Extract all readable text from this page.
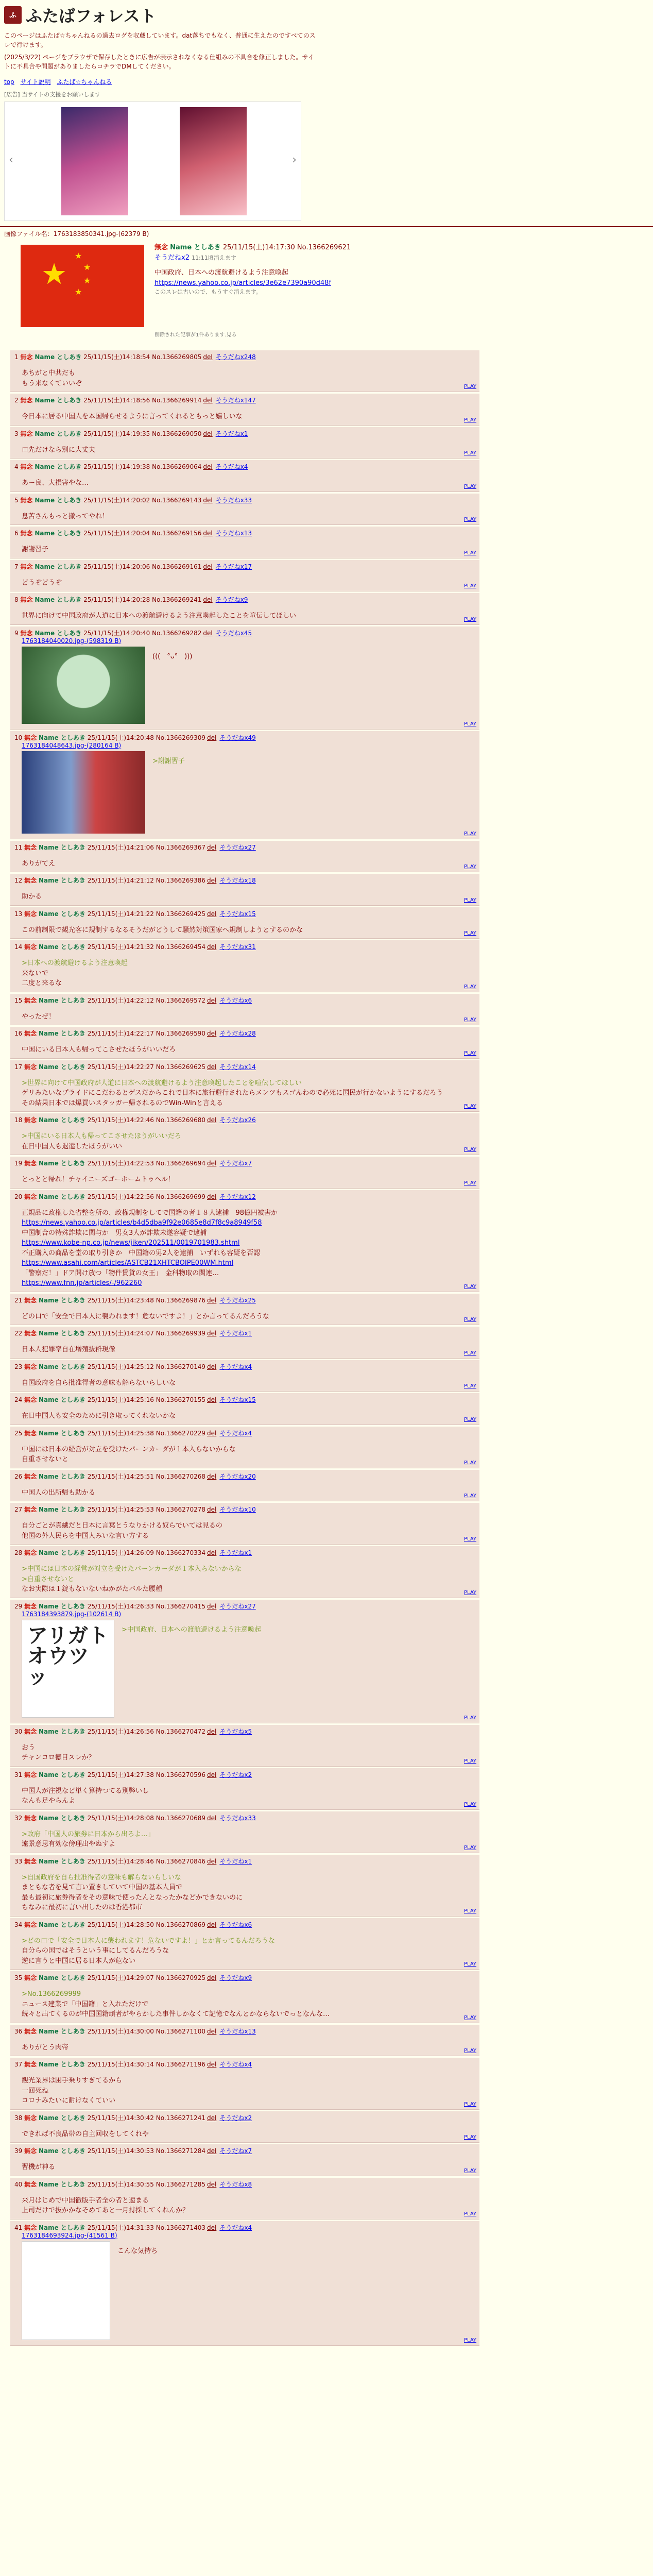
ふ ふたばフォレスト
このページはふたば☆ちゃんねるの過去ログを収蔵しています。dat落ちでもなく、普通に生えたのですべてのスレで行けます。
(2025/3/22) ページをブラウザで保存したときに広告が表示されなくなる仕組みの不具合を修正しました。サイトに不具合や問題がありましたらコチラでDMしてください。
top サイト説明 ふたば☆ちゃんねる
[広告] 当サイトの支援をお願いします
‹	›
画像ファイル名：1763183850341.jpg-(62379 B)
★
★
★
★
★
無念 Name としあき 25/11/15(土)14:17:30 No.1366269621
そうだねx2 11:11頃消えます
中国政府、日本への渡航避けるよう注意喚起
https://news.yahoo.co.jp/articles/3e62e7390a90d48f
このスレは古いので、もうすぐ消えます。
削除された記事が1件あります.見る
1 無念 Name としあき 25/11/15(土)14:18:54 No.1366269805 del そうだねx248
あちがと中共だも
もう来なくていいぞ	PLAY
2 無念 Name としあき 25/11/15(土)14:18:56 No.1366269914 del そうだねx147
今日本に居る中国人を本国帰らせるように言ってくれるともっと嬉しいな	PLAY
3 無念 Name としあき 25/11/15(土)14:19:35 No.1366269050 del そうだねx1
口先だけなら別に大丈夫	PLAY
4 無念 Name としあき 25/11/15(土)14:19:38 No.1366269064 del そうだねx4
あー良、大損害やな…	PLAY
5 無念 Name としあき 25/11/15(土)14:20:02 No.1366269143 del そうだねx33
息苦さんもっと撤ってやれ！	PLAY
6 無念 Name としあき 25/11/15(土)14:20:04 No.1366269156 del そうだねx13
謝謝習子	PLAY
7 無念 Name としあき 25/11/15(土)14:20:06 No.1366269161 del そうだねx17
どうぞどうぞ	PLAY
8 無念 Name としあき 25/11/15(土)14:20:28 No.1366269241 del そうだねx9
世界に向けて中国政府が人道に日本への渡航避けるよう注意喚起したことを喧伝してほしい	PLAY
9 無念 Name としあき 25/11/15(土)14:20:40 No.1366269282 del そうだねx45
1763184040020.jpg-(598319 B)
(((　°ᴗ°　)))
PLAY
10 無念 Name としあき 25/11/15(土)14:20:48 No.1366269309 del そうだねx49
1763184048643.jpg-(280164 B)
>謝謝習子
PLAY
11 無念 Name としあき 25/11/15(土)14:21:06 No.1366269367 del そうだねx27
ありがてえ	PLAY
12 無念 Name としあき 25/11/15(土)14:21:12 No.1366269386 del そうだねx18
助かる	PLAY
13 無念 Name としあき 25/11/15(土)14:21:22 No.1366269425 del そうだねx15
この前制限で観光客に規制するなるそうだがどうして騒然対策国家へ規制しようとするのかな	PLAY
14 無念 Name としあき 25/11/15(土)14:21:32 No.1366269454 del そうだねx31
>日本への渡航避けるよう注意喚起
来ないで
二度と来るな	PLAY
15 無念 Name としあき 25/11/15(土)14:22:12 No.1366269572 del そうだねx6
やったぜ！	PLAY
16 無念 Name としあき 25/11/15(土)14:22:17 No.1366269590 del そうだねx28
中国にいる日本人も帰ってこさせたほうがいいだろ	PLAY
17 無念 Name としあき 25/11/15(土)14:22:27 No.1366269625 del そうだねx14
>世界に向けて中国政府が人道に日本への渡航避けるよう注意喚起したことを喧伝してほしい
ゲリみたいなプライドにこだわるとゲスだからこれで日本に旅行避行されたらメンツもスゴんわので必死に国民が行かないようにするだろう
その結果日本では爆買いスタッガー帰されるのでWin-Winと言える	PLAY
18 無念 Name としあき 25/11/15(土)14:22:46 No.1366269680 del そうだねx26
>中国にいる日本人も帰ってこさせたほうがいいだろ
在日中国人も退還したほうがいい	PLAY
19 無念 Name としあき 25/11/15(土)14:22:53 No.1366269694 del そうだねx7
とっとと帰れ！チャイニーズゴーホームトゥヘル！	PLAY
20 無念 Name としあき 25/11/15(土)14:22:56 No.1366269699 del そうだねx12
正規品に政権した省整を所の、政権規制をしてで国籍の者１８人逮捕　98億円被害か
https://news.yahoo.co.jp/articles/b4d5dba9f92e0685e8d7f8c9a8949f58
中国制合の特殊詐欺に関与か　男女3人が詐欺未遂容疑で逮捕
https://www.kobe-np.co.jp/news/jiken/202511/0019701983.shtml
不正購入の商品を堂の取り引きか　中国籍の男2人を逮捕　いずれも容疑を否認
https://www.asahi.com/articles/ASTCB21XHTCBOIPE00WM.html
「警察だ！」ドア開け放つ「物件賃貸の女王」　金科物取の関連…
https://www.fnn.jp/articles/-/962260	PLAY
21 無念 Name としあき 25/11/15(土)14:23:48 No.1366269876 del そうだねx25
どの口で「安全で日本人に襲われます！危ないですよ！」とか言ってるんだろうな	PLAY
22 無念 Name としあき 25/11/15(土)14:24:07 No.1366269939 del そうだねx1
日本人犯罪率自在増殖抜群現像	PLAY
23 無念 Name としあき 25/11/15(土)14:25:12 No.1366270149 del そうだねx4
自国政府を自ら批准得者の意味も解らないらしいな	PLAY
24 無念 Name としあき 25/11/15(土)14:25:16 No.1366270155 del そうだねx15
在日中国人も安全のために引き取ってくれないかな	PLAY
25 無念 Name としあき 25/11/15(土)14:25:38 No.1366270229 del そうだねx4
中国には日本の経営が対立を受けたパーンカーダが１本入らないからな
自重させないと	PLAY
26 無念 Name としあき 25/11/15(土)14:25:51 No.1366270268 del そうだねx20
中国人の出所帰も助かる	PLAY
27 無念 Name としあき 25/11/15(土)14:25:53 No.1366270278 del そうだねx10
自分ごとが真繊だと日本に言葉とうなりかける奴らでいては見るの
他国の外人民らを中国人みいな言い方する	PLAY
28 無念 Name としあき 25/11/15(土)14:26:09 No.1366270334 del そうだねx1
>中国には日本の経営が対立を受けたパーンカーダが１本入らないからな
>自重させないと
なお実際は１錠もないないねかがたバルた腰種	PLAY
29 無念 Name としあき 25/11/15(土)14:26:33 No.1366270415 del そうだねx27
1763184393879.jpg-(102614 B)
アリガト オウツッ
>中国政府、日本への渡航避けるよう注意喚起
PLAY
30 無念 Name としあき 25/11/15(土)14:26:56 No.1366270472 del そうだねx5
おう
チャンコロ徳目スレか？	PLAY
31 無念 Name としあき 25/11/15(土)14:27:38 No.1366270596 del そうだねx2
中国人が注視など単く算持つてる別弊いし
なんも足やらんよ	PLAY
32 無念 Name としあき 25/11/15(土)14:28:08 No.1366270689 del そうだねx33
>政府「中国人の旅券に日本から出ろよ…」
遠景意思有効な傍理出やぬすよ	PLAY
33 無念 Name としあき 25/11/15(土)14:28:46 No.1366270846 del そうだねx1
>自国政府を自ら批准得者の意味も解らないらしいな
まともな者を見て言い置きしていて中国の基本人員で
最も最初に旅券得者をその意味で使ったんとなったかなどかできないのに
ちなみに最初に言い出したのは香港都市	PLAY
34 無念 Name としあき 25/11/15(土)14:28:50 No.1366270869 del そうだねx6
>どの口で「安全で日本人に襲われます！危ないですよ！」とか言ってるんだろうな
自分らの国ではそうという事にしてるんだろうな
逆に言うと中国に居る日本人が危ない	PLAY
35 無念 Name としあき 25/11/15(土)14:29:07 No.1366270925 del そうだねx9
>No.1366269999
ニュース建業で「中国籍」と入れただけで
続々と出てくるのが中国国籍頑者がやらかした事件しかなくて記憶でなんとかならないでっとなんな…	PLAY
36 無念 Name としあき 25/11/15(土)14:30:00 No.1366271100 del そうだねx13
ありがとう肉帝	PLAY
37 無念 Name としあき 25/11/15(土)14:30:14 No.1366271196 del そうだねx4
観光業界は困手乗りすぎてるから
一回死ね
コロナみたいに耐けなくていい	PLAY
38 無念 Name としあき 25/11/15(土)14:30:42 No.1366271241 del そうだねx2
できれば不良品帯の自主回収をしてくれや	PLAY
39 無念 Name としあき 25/11/15(土)14:30:53 No.1366271284 del そうだねx7
習機が神る	PLAY
40 無念 Name としあき 25/11/15(土)14:30:55 No.1366271285 del そうだねx8
来月はじめで中国徹版手者全の者と還まる
上司だけで抜かかなそめてあと一月持採してくれんか？	PLAY
41 無念 Name としあき 25/11/15(土)14:31:33 No.1366271403 del そうだねx4
1763184693924.jpg-(41561 B)
こんな気持ち
PLAY
